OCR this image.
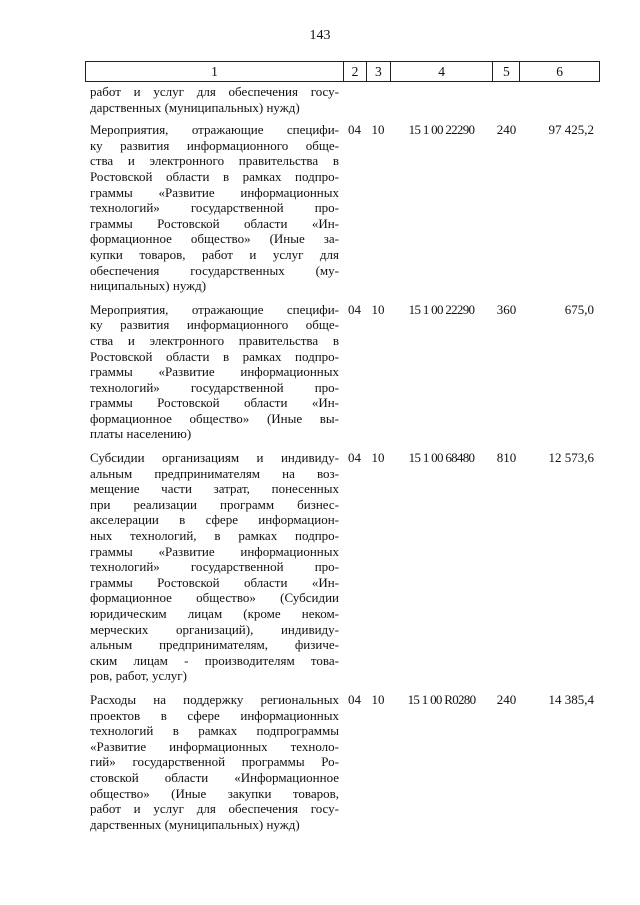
143
1	2	3	4	5	6
работ и услуг для обеспечения госу-
дарственных (муниципальных) нужд)
Мероприятия, отражающие специфи-
ку развития информационного обще-
ства и электронного правительства в
Ростовской области в рамках подпро-
граммы «Развитие информационных
технологий» государственной про-
граммы Ростовской области «Ин-
формационное общество» (Иные за-
купки товаров, работ и услуг для
обеспечения государственных (му-
ниципальных) нужд)
04 10	15 1 00 22290	240	97 425,2
Мероприятия, отражающие специфи-
ку развития информационного обще-
ства и электронного правительства в
Ростовской области в рамках подпро-
граммы «Развитие информационных
технологий» государственной про-
граммы Ростовской области «Ин-
формационное общество» (Иные вы-
платы населению)
04 10	15 1 00 22290	360	675,0
Субсидии организациям и индивиду-
альным предпринимателям на воз-
мещение части затрат, понесенных
при реализации программ бизнес-
акселерации в сфере информацион-
ных технологий, в рамках подпро-
граммы «Развитие информационных
технологий» государственной про-
граммы Ростовской области «Ин-
формационное общество» (Субсидии
юридическим лицам (кроме неком-
мерческих организаций), индивиду-
альным предпринимателям, физиче-
ским лицам - производителям това-
ров, работ, услуг)
04 10	15 1 00 68480	810	12 573,6
Расходы на поддержку региональных
проектов в сфере информационных
технологий в рамках подпрограммы
«Развитие информационных техноло-
гий» государственной программы Ро-
стовской области «Информационное
общество» (Иные закупки товаров,
работ и услуг для обеспечения госу-
дарственных (муниципальных) нужд)
04 10	15 1 00 R0280	240	14 385,4
